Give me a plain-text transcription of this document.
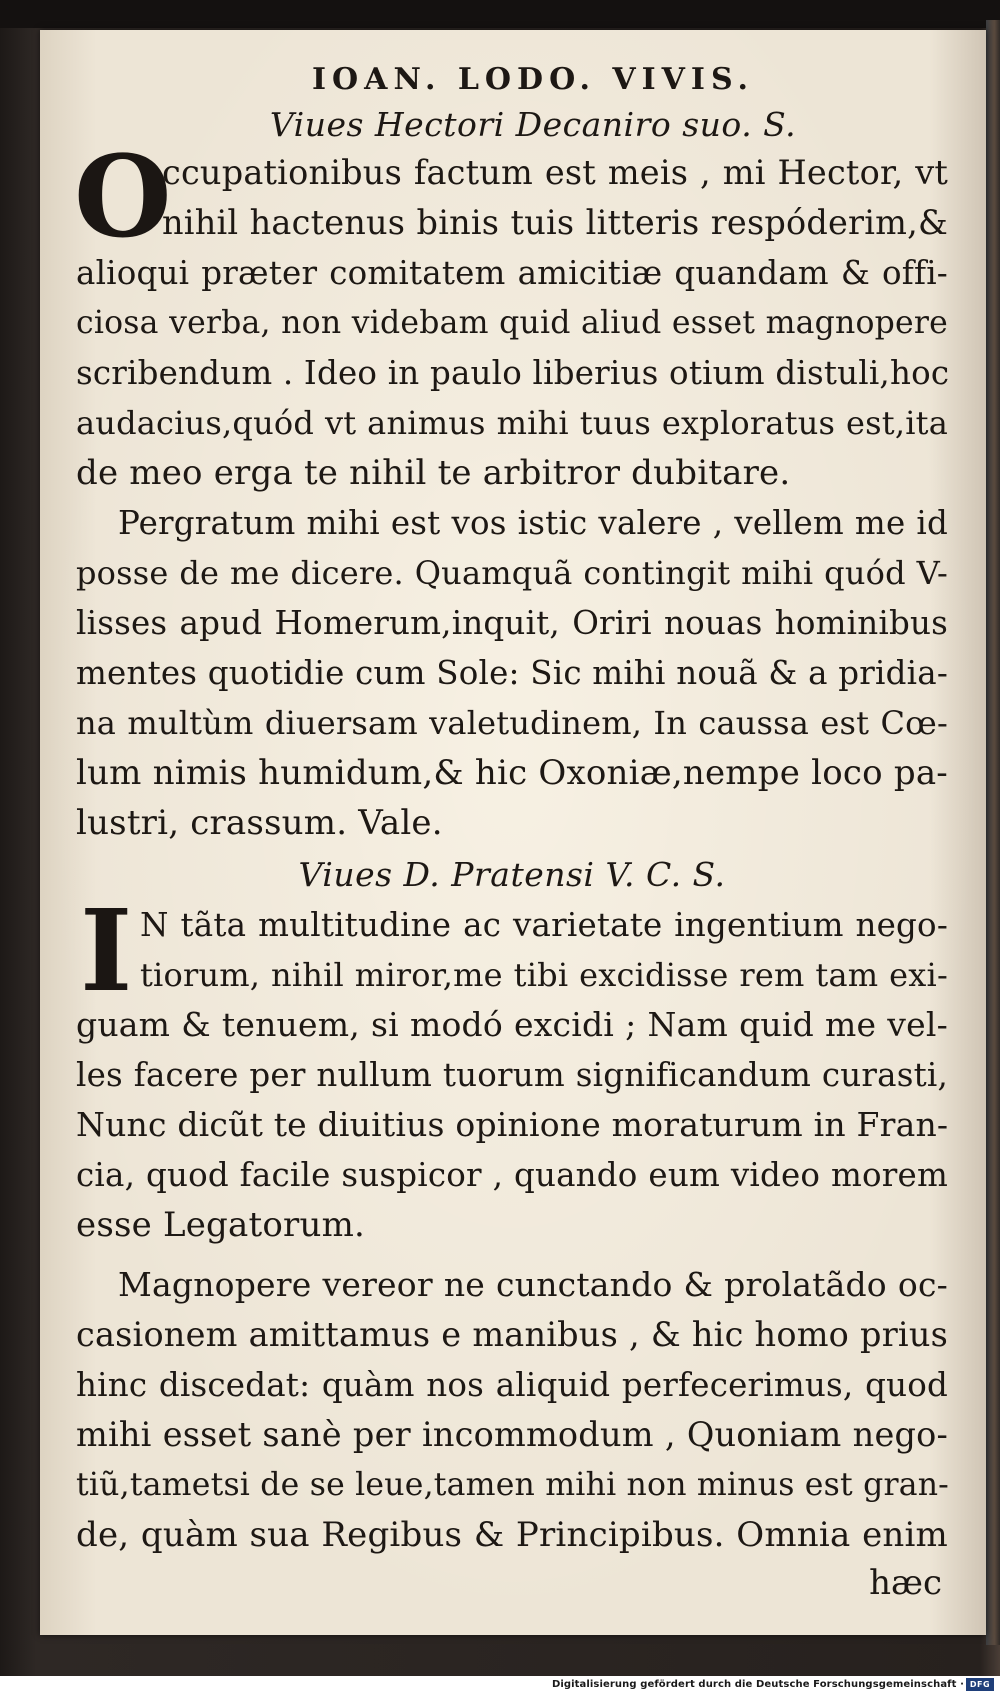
IOAN. LODO. VIVIS.

Viues Hectori Decaniro suo. S.

O

ccupationibus factum est meis , mi Hector, vt

nihil hactenus binis tuis litteris respóderim,&

alioqui præter comitatem amicitiæ quandam & offi-

ciosa verba, non videbam quid aliud esset magnopere

scribendum . Ideo in paulo liberius otium distuli,hoc

audacius,quód vt animus mihi tuus exploratus est,ita

de meo erga te nihil te arbitror dubitare.

Pergratum mihi est vos istic valere , vellem me id

posse de me dicere. Quamquã contingit mihi quód V-

lisses apud Homerum,inquit, Oriri nouas hominibus

mentes quotidie cum Sole: Sic mihi nouã & a pridia-

na multùm diuersam valetudinem, In caussa est Cœ-

lum nimis humidum,& hic Oxoniæ,nempe loco pa-

lustri, crassum. Vale.

Viues D. Pratensi V. C. S.

I N tãta multitudine ac varietate ingentium nego-

tiorum, nihil miror,me tibi excidisse rem tam exi-

guam & tenuem, si modó excidi ; Nam quid me vel-

les facere per nullum tuorum significandum curasti,

Nunc dicũt te diuitius opinione moraturum in Fran-

cia, quod facile suspicor , quando eum video morem

esse Legatorum.

Magnopere vereor ne cunctando & prolatãdo oc-

casionem amittamus e manibus , & hic homo prius

hinc discedat: quàm nos aliquid perfecerimus, quod

mihi esset sanè per incommodum , Quoniam nego-

tiũ,tametsi de se leue,tamen mihi non minus est gran-

de, quàm sua Regibus & Principibus. Omnia enim

hæc

Digitalisierung gefördert durch die Deutsche Forschungsgemeinschaft · DFG
